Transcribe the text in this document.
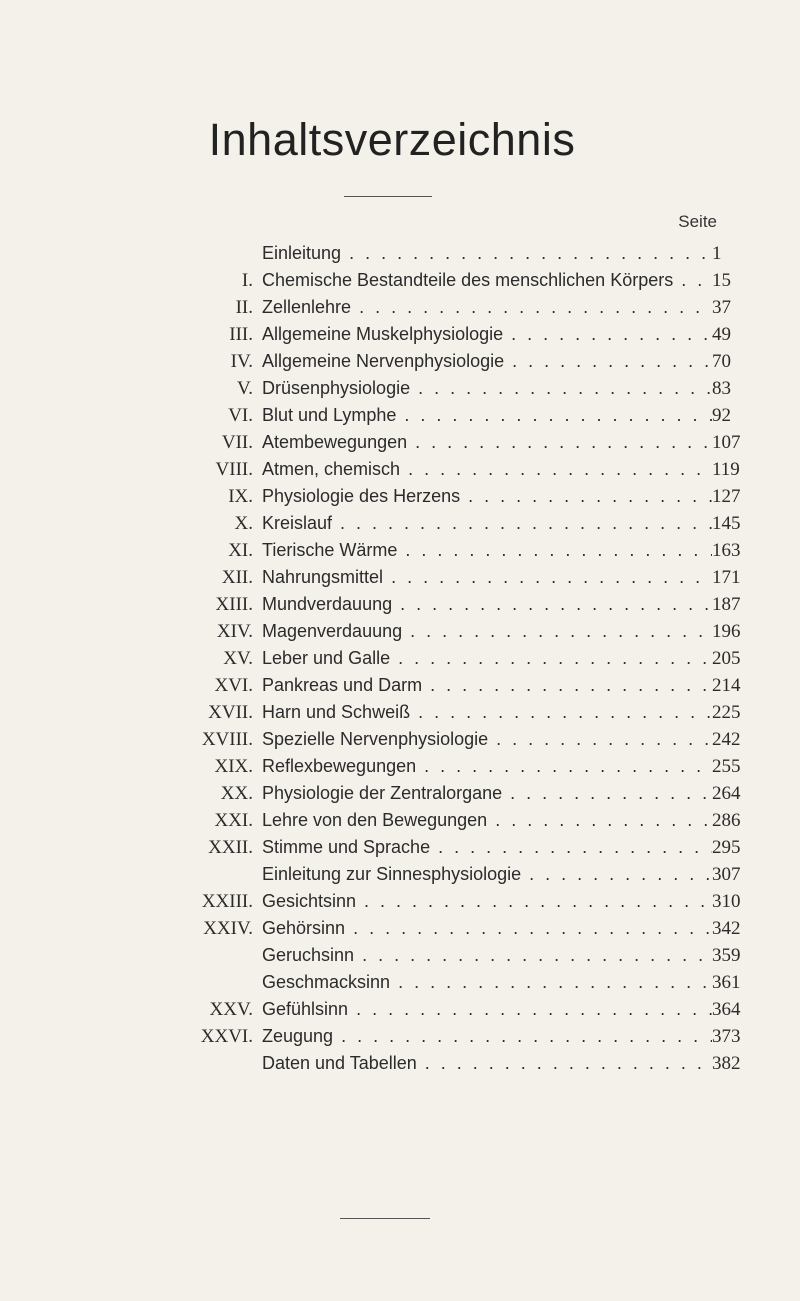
Inhaltsverzeichnis
Seite
Einleitung . . .	1
I. Chemische Bestandteile des menschlichen Körpers . . .	15
II. Zellenlehre . . .	37
III. Allgemeine Muskelphysiologie . . .	49
IV. Allgemeine Nervenphysiologie . . .	70
V. Drüsenphysiologie . . .	83
VI. Blut und Lymphe . . .	92
VII. Atembewegungen . . .	107
VIII. Atmen, chemisch . . .	119
IX. Physiologie des Herzens . . .	127
X. Kreislauf . . .	145
XI. Tierische Wärme . . .	163
XII. Nahrungsmittel . . .	171
XIII. Mundverdauung . . .	187
XIV. Magenverdauung . . .	196
XV. Leber und Galle . . .	205
XVI. Pankreas und Darm . . .	214
XVII. Harn und Schweiß . . .	225
XVIII. Spezielle Nervenphysiologie . . .	242
XIX. Reflexbewegungen . . .	255
XX. Physiologie der Zentralorgane . . .	264
XXI. Lehre von den Bewegungen . . .	286
XXII. Stimme und Sprache . . .	295
Einleitung zur Sinnesphysiologie . . .	307
XXIII. Gesichtsinn . . .	310
XXIV. Gehörsinn . . .	342
Geruchsinn . . .	359
Geschmacksinn . . .	361
XXV. Gefühlsinn . . .	364
XXVI. Zeugung . . .	373
Daten und Tabellen . . .	382
